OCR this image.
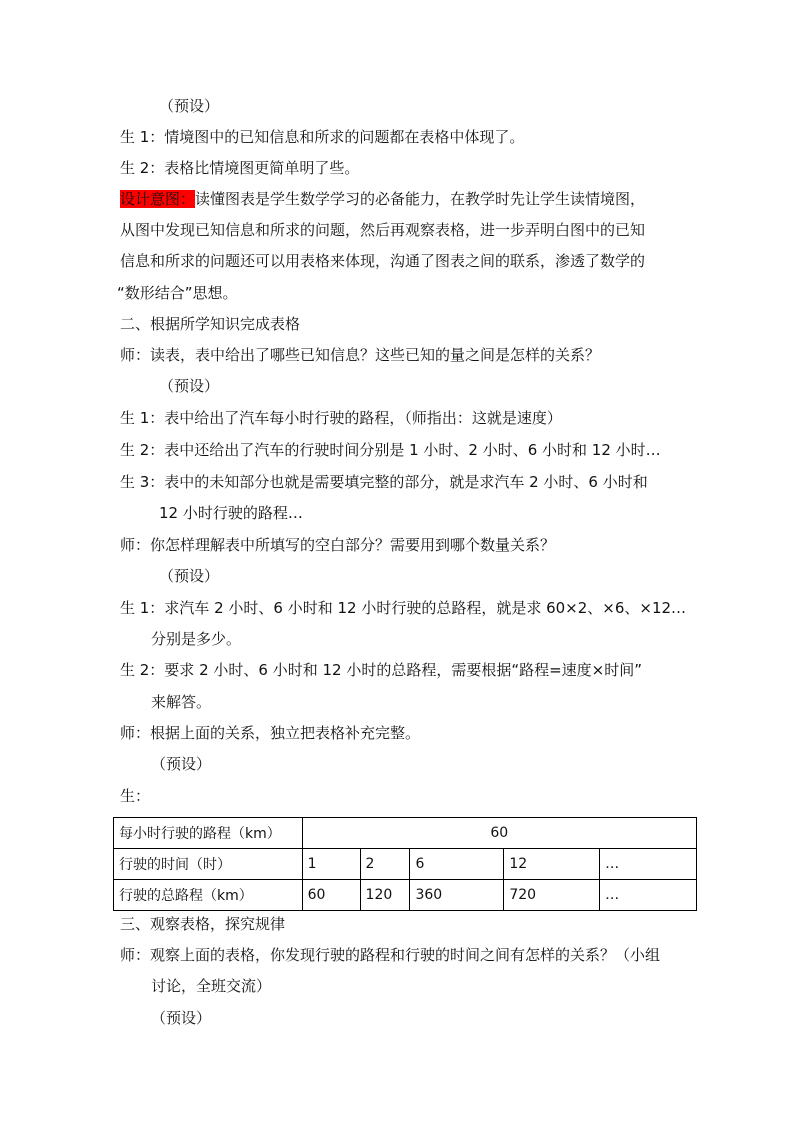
（预设）
生 1：情境图中的已知信息和所求的问题都在表格中体现了。
生 2：表格比情境图更简单明了些。
设计意图：读懂图表是学生数学学习的必备能力，在教学时先让学生读情境图，
从图中发现已知信息和所求的问题，然后再观察表格，进一步弄明白图中的已知
信息和所求的问题还可以用表格来体现，沟通了图表之间的联系，渗透了数学的
“数形结合”思想。
二、根据所学知识完成表格
师：读表，表中给出了哪些已知信息？这些已知的量之间是怎样的关系？
（预设）
生 1：表中给出了汽车每小时行驶的路程，（师指出：这就是速度）
生 2：表中还给出了汽车的行驶时间分别是 1 小时、2 小时、6 小时和 12 小时…
生 3：表中的未知部分也就是需要填完整的部分，就是求汽车 2 小时、6 小时和
12 小时行驶的路程…
师：你怎样理解表中所填写的空白部分？需要用到哪个数量关系？
（预设）
生 1：求汽车 2 小时、6 小时和 12 小时行驶的总路程，就是求 60×2、×6、×12…
分别是多少。
生 2：要求 2 小时、6 小时和 12 小时的总路程，需要根据“路程=速度×时间”
来解答。
师：根据上面的关系，独立把表格补充完整。
（预设）
生：
每小时行驶的路程（km）	60				
行驶的时间（时）	1	2	6	12	…
行驶的总路程（km）	60	120	360	720	…
三、观察表格，探究规律
师：观察上面的表格，你发现行驶的路程和行驶的时间之间有怎样的关系？（小组
讨论，全班交流）
（预设）
